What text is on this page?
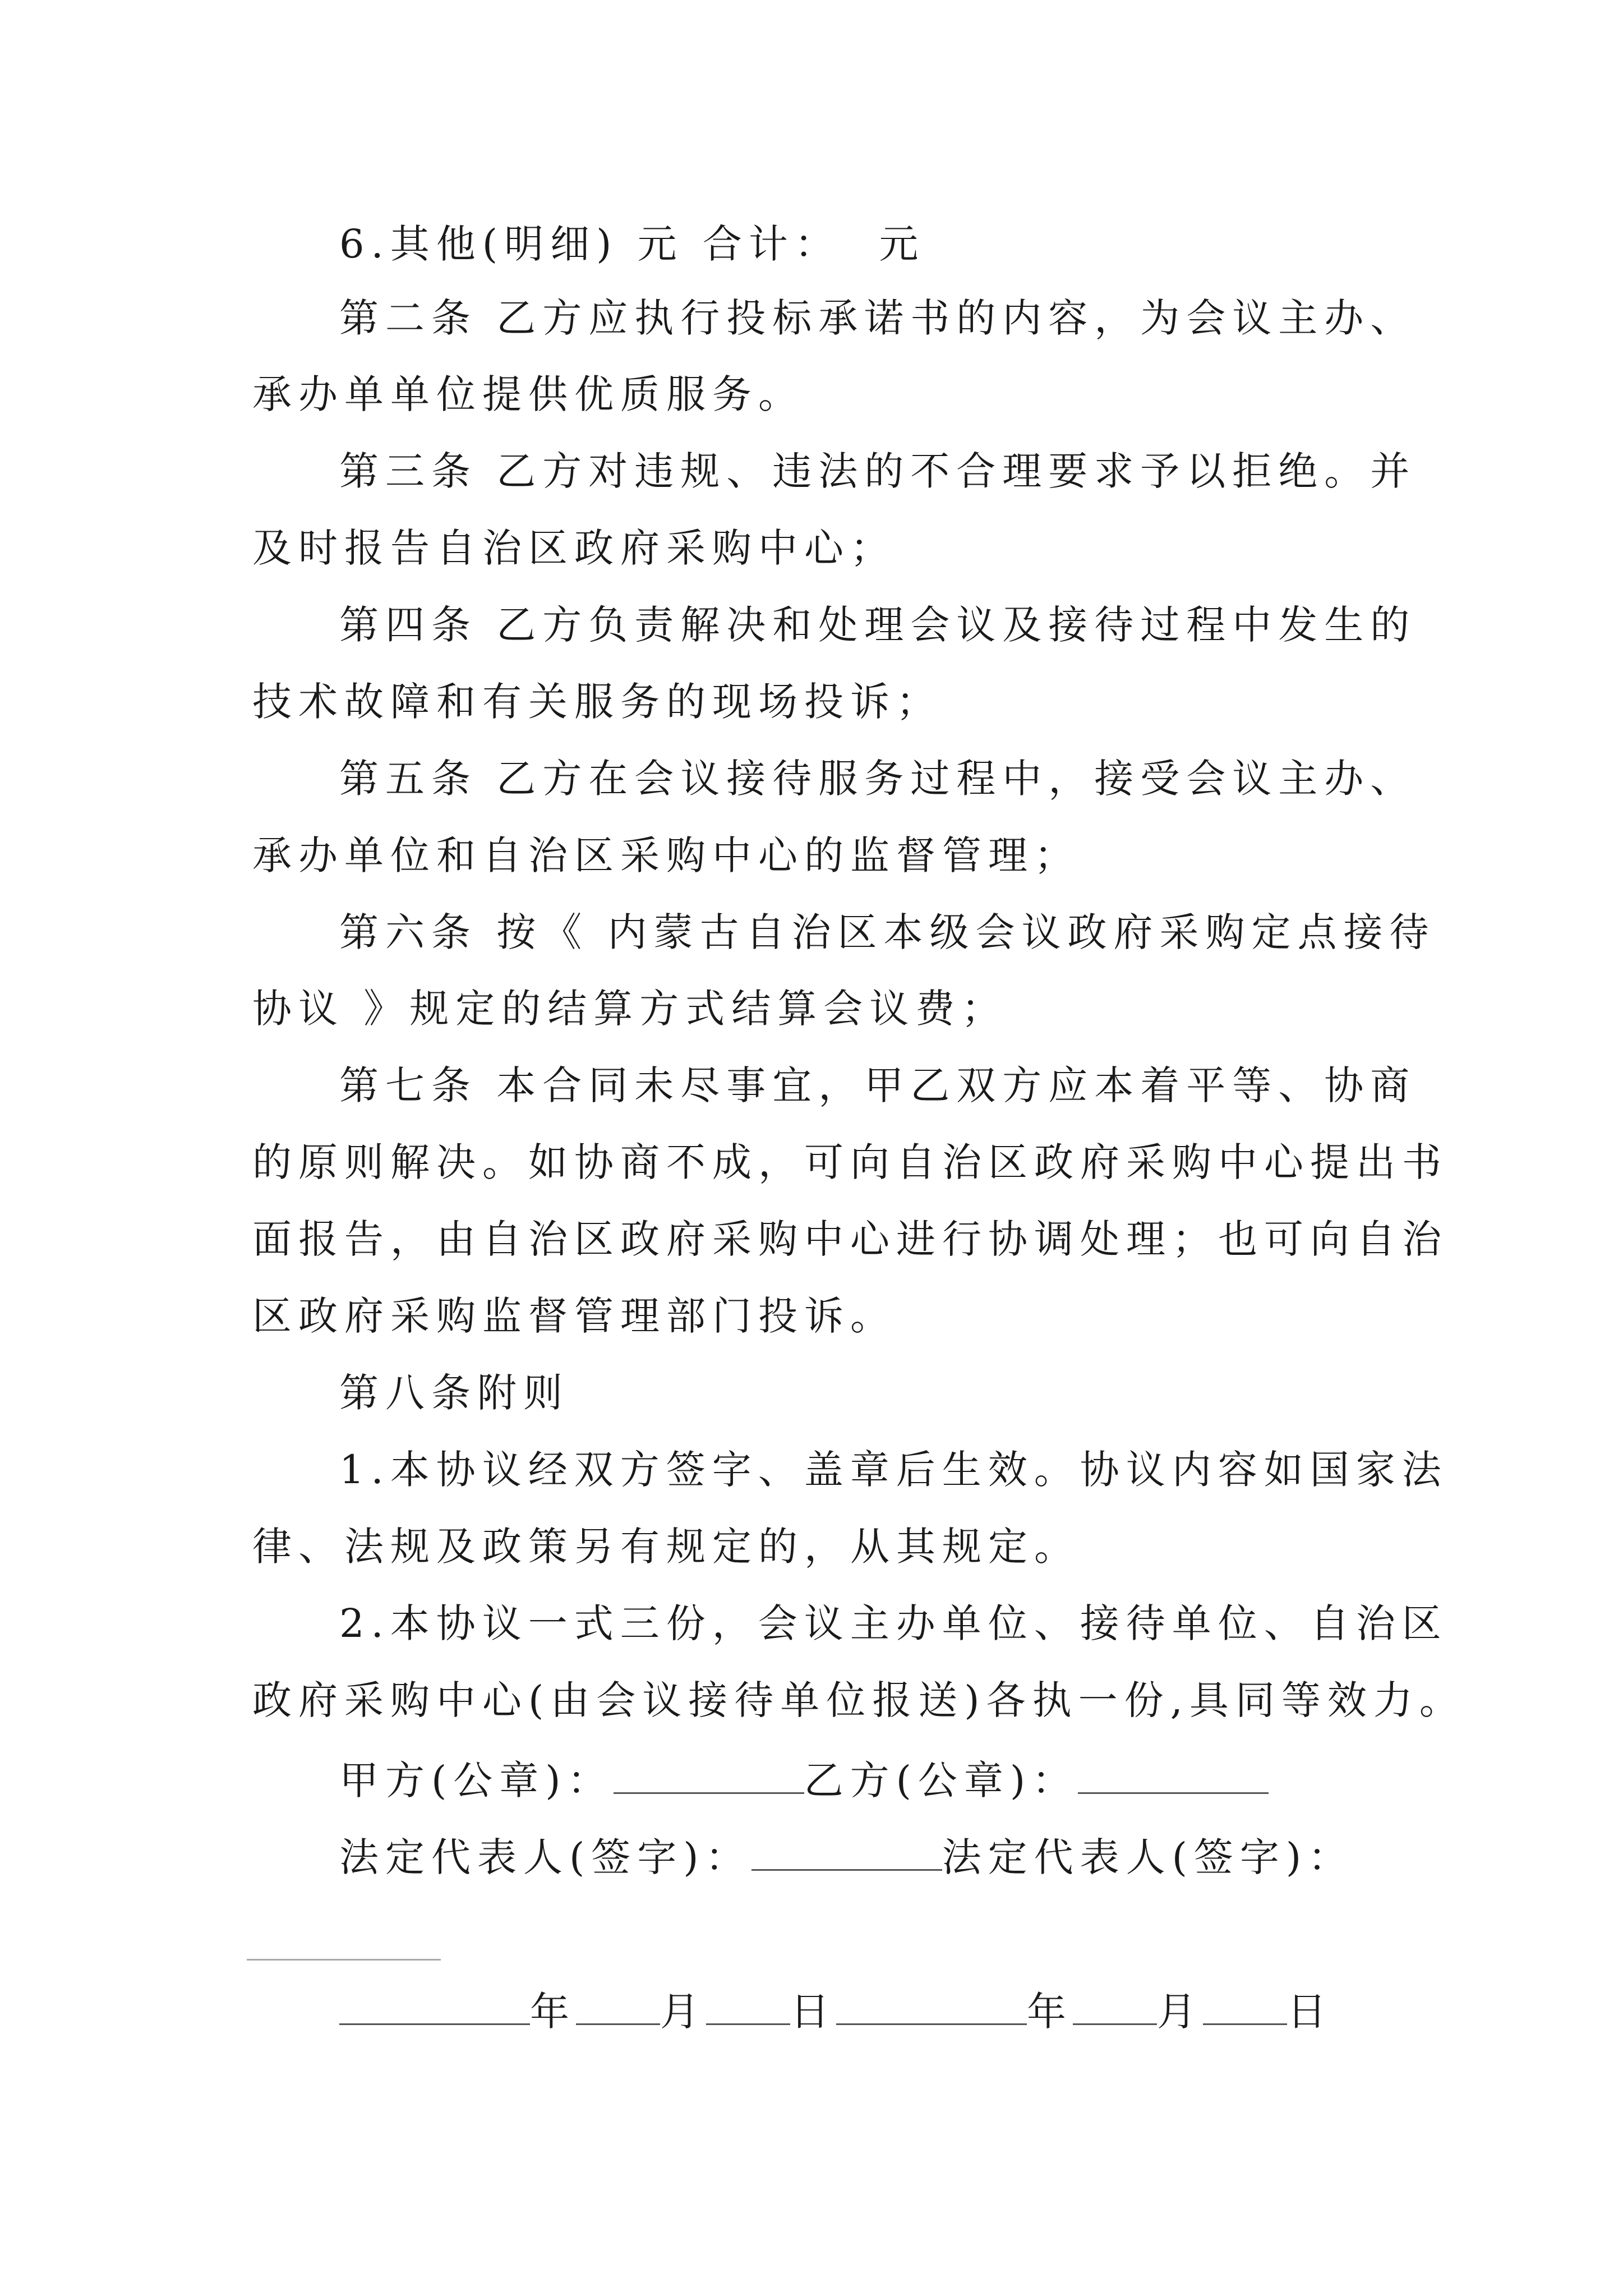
6.其他(明细) 元 合计：  元
第二条 乙方应执行投标承诺书的内容，为会议主办、
承办单单位提供优质服务。
第三条 乙方对违规、违法的不合理要求予以拒绝。并
及时报告自治区政府采购中心；
第四条 乙方负责解决和处理会议及接待过程中发生的
技术故障和有关服务的现场投诉；
第五条 乙方在会议接待服务过程中，接受会议主办、
承办单位和自治区采购中心的监督管理；
第六条 按《 内蒙古自治区本级会议政府采购定点接待
协议 》规定的结算方式结算会议费；
第七条 本合同未尽事宜，甲乙双方应本着平等、协商
的原则解决。如协商不成，可向自治区政府采购中心提出书
面报告，由自治区政府采购中心进行协调处理；也可向自治
区政府采购监督管理部门投诉。
第八条附则
1.本协议经双方签字、盖章后生效。协议内容如国家法
律、法规及政策另有规定的，从其规定。
2.本协议一式三份，会议主办单位、接待单位、自治区
政府采购中心(由会议接待单位报送)各执一份,具同等效力。
甲方(公章)：	乙方(公章)：
法定代表人(签字)：	法定代表人(签字)：
年 月 日	年 月 日
